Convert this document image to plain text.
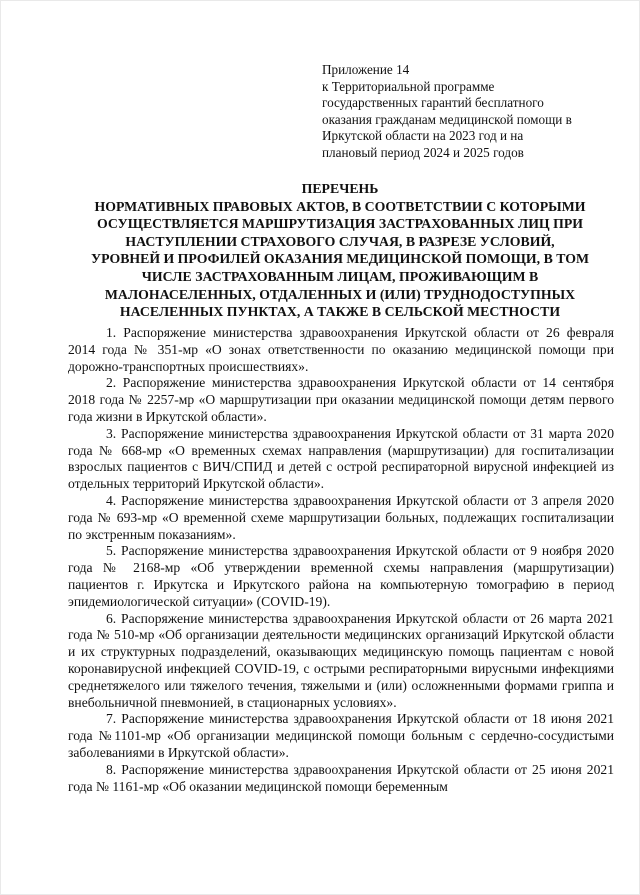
Приложение 14
к Территориальной программе
государственных гарантий бесплатного
оказания гражданам медицинской помощи в
Иркутской области на 2023 год и на
плановый период 2024 и 2025 годов
ПЕРЕЧЕНЬ
НОРМАТИВНЫХ ПРАВОВЫХ АКТОВ, В СООТВЕТСТВИИ С КОТОРЫМИ
ОСУЩЕСТВЛЯЕТСЯ МАРШРУТИЗАЦИЯ ЗАСТРАХОВАННЫХ ЛИЦ ПРИ
НАСТУПЛЕНИИ СТРАХОВОГО СЛУЧАЯ, В РАЗРЕЗЕ УСЛОВИЙ,
УРОВНЕЙ И ПРОФИЛЕЙ ОКАЗАНИЯ МЕДИЦИНСКОЙ ПОМОЩИ, В ТОМ
ЧИСЛЕ ЗАСТРАХОВАННЫМ ЛИЦАМ, ПРОЖИВАЮЩИМ В
МАЛОНАСЕЛЕННЫХ, ОТДАЛЕННЫХ И (ИЛИ) ТРУДНОДОСТУПНЫХ
НАСЕЛЕННЫХ ПУНКТАХ, А ТАКЖЕ В СЕЛЬСКОЙ МЕСТНОСТИ

1. Распоряжение министерства здравоохранения Иркутской области от 26 февраля 2014 года № 351-мр «О зонах ответственности по оказанию медицинской помощи при дорожно-транспортных происшествиях».

2. Распоряжение министерства здравоохранения Иркутской области от 14 сентября 2018 года № 2257-мр «О маршрутизации при оказании медицинской помощи детям первого года жизни в Иркутской области».

3. Распоряжение министерства здравоохранения Иркутской области от 31 марта 2020 года № 668-мр «О временных схемах направления (маршрутизации) для госпитализации взрослых пациентов с ВИЧ/СПИД и детей с острой респираторной вирусной инфекцией из отдельных территорий Иркутской области».

4. Распоряжение министерства здравоохранения Иркутской области от 3 апреля 2020 года № 693-мр «О временной схеме маршрутизации больных, подлежащих госпитализации по экстренным показаниям».

5. Распоряжение министерства здравоохранения Иркутской области от 9 ноября 2020 года № 2168-мр «Об утверждении временной схемы направления (маршрутизации) пациентов г. Иркутска и Иркутского района на компьютерную томографию в период эпидемиологической ситуации» (COVID-19).

6. Распоряжение министерства здравоохранения Иркутской области от 26 марта 2021 года № 510-мр «Об организации деятельности медицинских организаций Иркутской области и их структурных подразделений, оказывающих медицинскую помощь пациентам с новой коронавирусной инфекцией COVID-19, с острыми респираторными вирусными инфекциями среднетяжелого или тяжелого течения, тяжелыми и (или) осложненными формами гриппа и внебольничной пневмонией, в стационарных условиях».

7. Распоряжение министерства здравоохранения Иркутской области от 18 июня 2021 года №1101-мр «Об организации медицинской помощи больным с сердечно-сосудистыми заболеваниями в Иркутской области».

8. Распоряжение министерства здравоохранения Иркутской области от 25 июня 2021 года № 1161-мр «Об оказании медицинской помощи беременным
